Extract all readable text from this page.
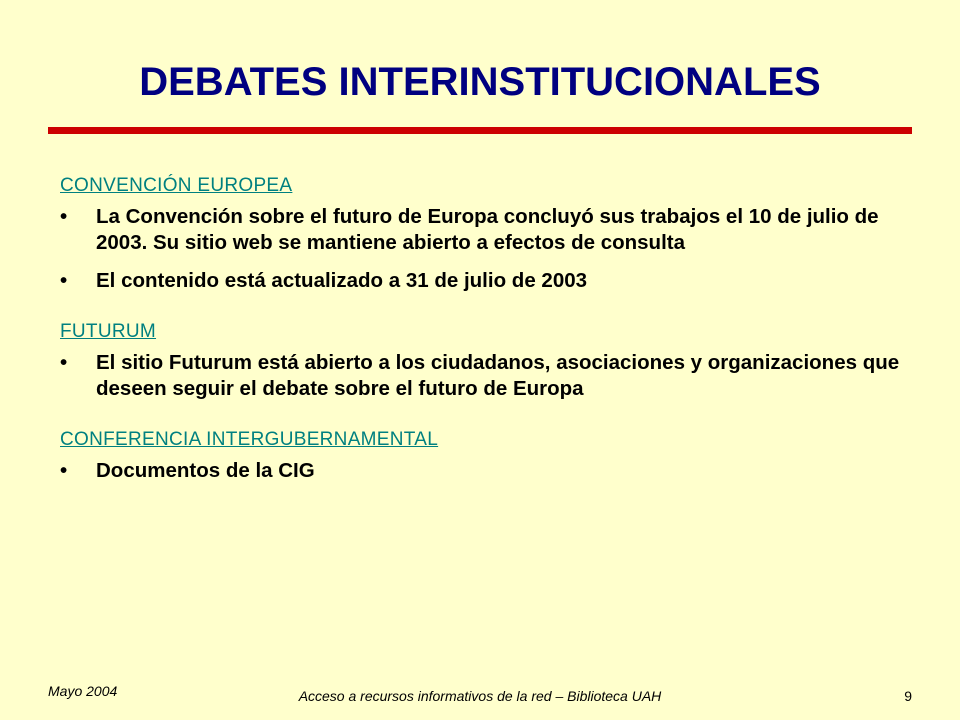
DEBATES INTERINSTITUCIONALES
CONVENCIÓN EUROPEA
•	La Convención sobre el futuro de Europa concluyó sus trabajos el 10 de julio de 2003. Su sitio web se mantiene abierto a efectos de consulta
•	El contenido está actualizado a 31 de julio de 2003
FUTURUM
•	El sitio Futurum está abierto a los ciudadanos, asociaciones y organizaciones que deseen seguir el debate sobre el futuro de Europa
CONFERENCIA INTERGUBERNAMENTAL
•	Documentos de la CIG
Mayo 2004	Acceso a recursos informativos de la red – Biblioteca UAH	9
